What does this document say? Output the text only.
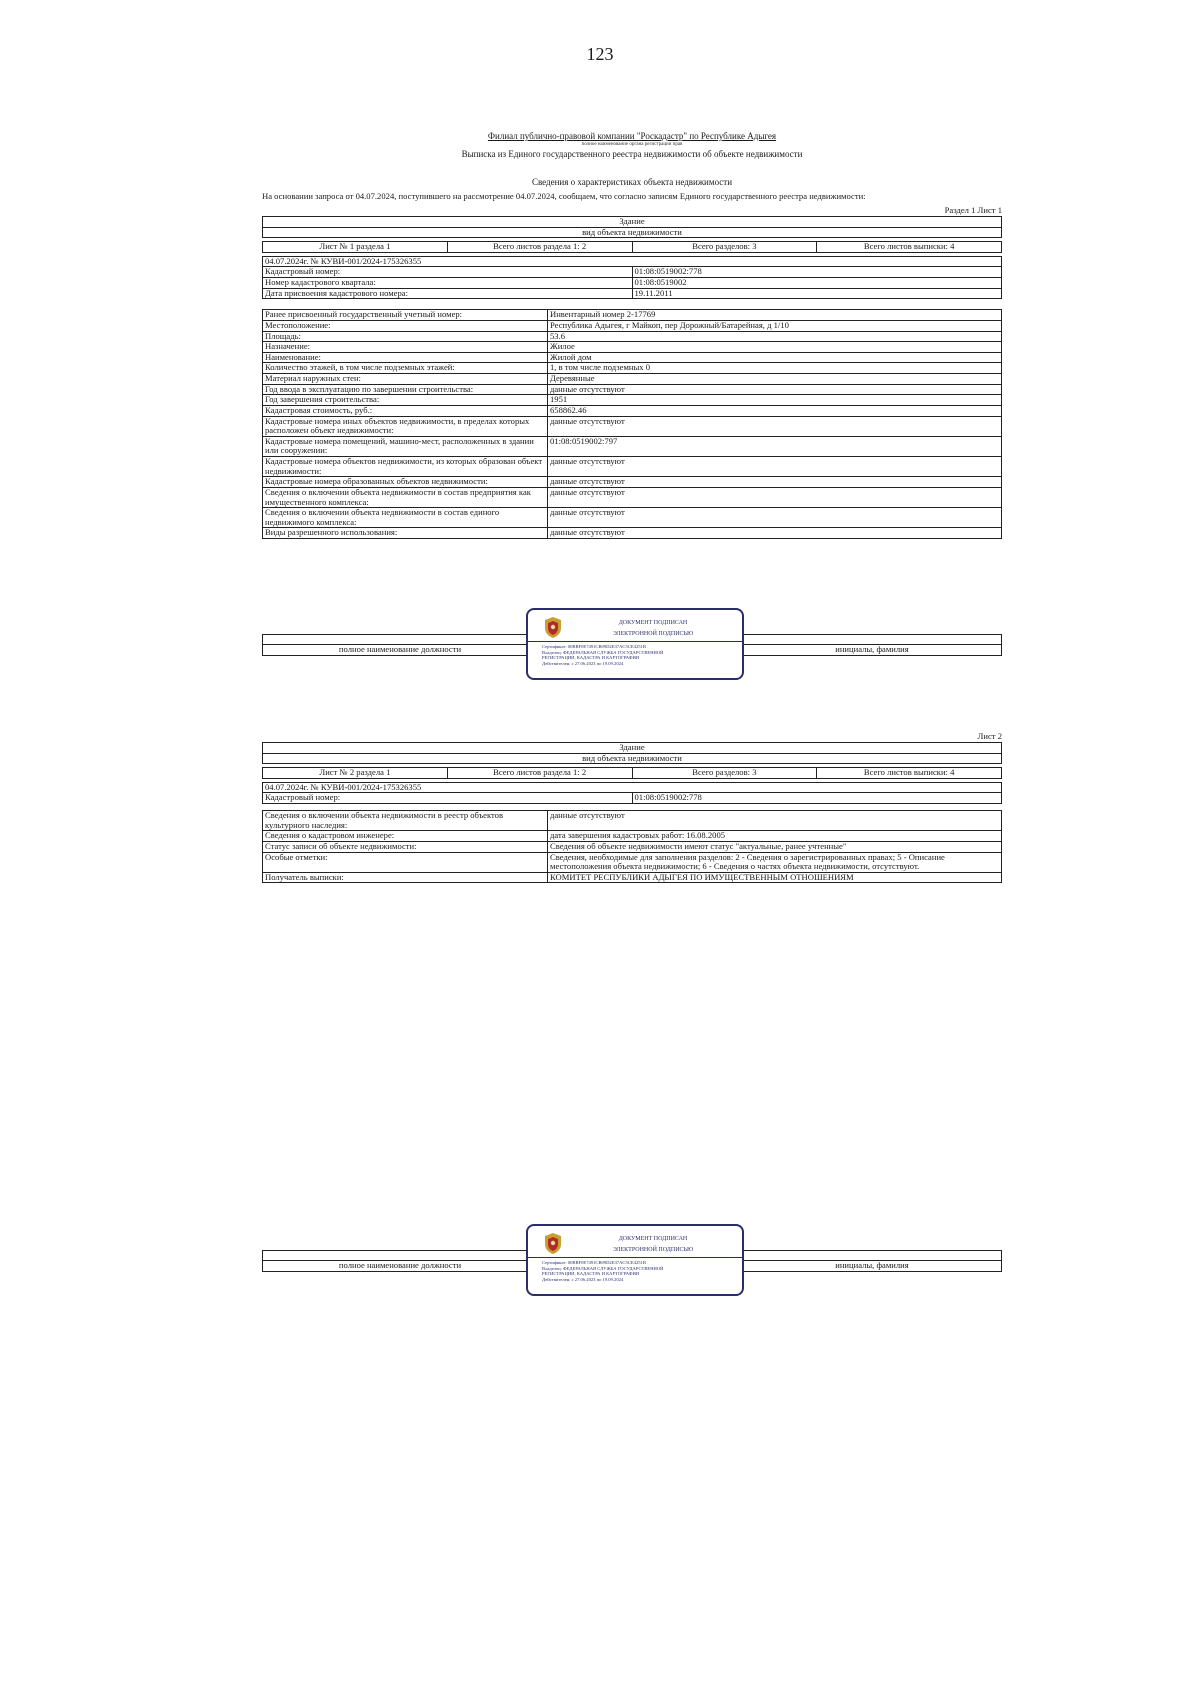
123
Филиал публично-правовой компании "Роскадастр" по Республике Адыгея
полное наименование органа регистрации прав
Выписка из Единого государственного реестра недвижимости об объекте недвижимости
Сведения о характеристиках объекта недвижимости
На основании запроса от 04.07.2024, поступившего на рассмотрение 04.07.2024, сообщаем, что согласно записям Единого государственного реестра недвижимости:
Раздел 1 Лист 1
Здание
вид объекта недвижимости
Лист № 1 раздела 1	Всего листов раздела 1: 2	Всего разделов: 3	Всего листов выписки: 4
04.07.2024г. № КУВИ-001/2024-175326355	
Кадастровый номер:	01:08:0519002:778
Номер кадастрового квартала:	01:08:0519002
Дата присвоения кадастрового номера:	19.11.2011
Ранее присвоенный государственный учетный номер:	Инвентарный номер 2-17769
Местоположение:	Республика Адыгея, г Майкоп, пер Дорожный/Батарейная, д 1/10
Площадь:	53.6
Назначение:	Жилое
Наименование:	Жилой дом
Количество этажей, в том числе подземных этажей:	1, в том числе подземных 0
Материал наружных стен:	Деревянные
Год ввода в эксплуатацию по завершении строительства:	данные отсутствуют
Год завершения строительства:	1951
Кадастровая стоимость, руб.:	658862.46
Кадастровые номера иных объектов недвижимости, в пределах которых расположен объект недвижимости:	данные отсутствуют
Кадастровые номера помещений, машино-мест, расположенных в здании или сооружении:	01:08:0519002:797
Кадастровые номера объектов недвижимости, из которых образован объект недвижимости:	данные отсутствуют
Кадастровые номера образованных объектов недвижимости:	данные отсутствуют
Сведения о включении объекта недвижимости в состав предприятия как имущественного комплекса:	данные отсутствуют
Сведения о включении объекта недвижимости в состав единого недвижимого комплекса:	данные отсутствуют
Виды разрешенного использования:	данные отсутствуют

полное наименование должности		инициалы, фамилия
ДОКУМЕНТ ПОДПИСАН
ЭЛЕКТРОННОЙ ПОДПИСЬЮ
Сертификат: 00BBF0E7491CB09D2E37AC5CE4251B
Владелец: ФЕДЕРАЛЬНАЯ СЛУЖБА ГОСУДАРСТВЕННОЙ
РЕГИСТРАЦИИ, КАДАСТРА И КАРТОГРАФИИ
Действителен: с 27.06.2023 по 19.09.2024
Лист 2
Здание
вид объекта недвижимости
Лист № 2 раздела 1	Всего листов раздела 1: 2	Всего разделов: 3	Всего листов выписки: 4
04.07.2024г. № КУВИ-001/2024-175326355
Кадастровый номер:	01:08:0519002:778
Сведения о включении объекта недвижимости в реестр объектов культурного наследия:	данные отсутствуют
Сведения о кадастровом инженере:	дата завершения кадастровых работ: 16.08.2005
Статус записи об объекте недвижимости:	Сведения об объекте недвижимости имеют статус "актуальные, ранее учтенные"
Особые отметки:	Сведения, необходимые для заполнения разделов: 2 - Сведения о зарегистрированных правах; 5 - Описание местоположения объекта недвижимости; 6 - Сведения о частях объекта недвижимости, отсутствуют.
Получатель выписки:	КОМИТЕТ РЕСПУБЛИКИ АДЫГЕЯ ПО ИМУЩЕСТВЕННЫМ ОТНОШЕНИЯМ

полное наименование должности		инициалы, фамилия
ДОКУМЕНТ ПОДПИСАН
ЭЛЕКТРОННОЙ ПОДПИСЬЮ
Сертификат: 00BBF0E7491CB09D2E37AC5CE4251B
Владелец: ФЕДЕРАЛЬНАЯ СЛУЖБА ГОСУДАРСТВЕННОЙ
РЕГИСТРАЦИИ, КАДАСТРА И КАРТОГРАФИИ
Действителен: с 27.06.2023 по 19.09.2024
